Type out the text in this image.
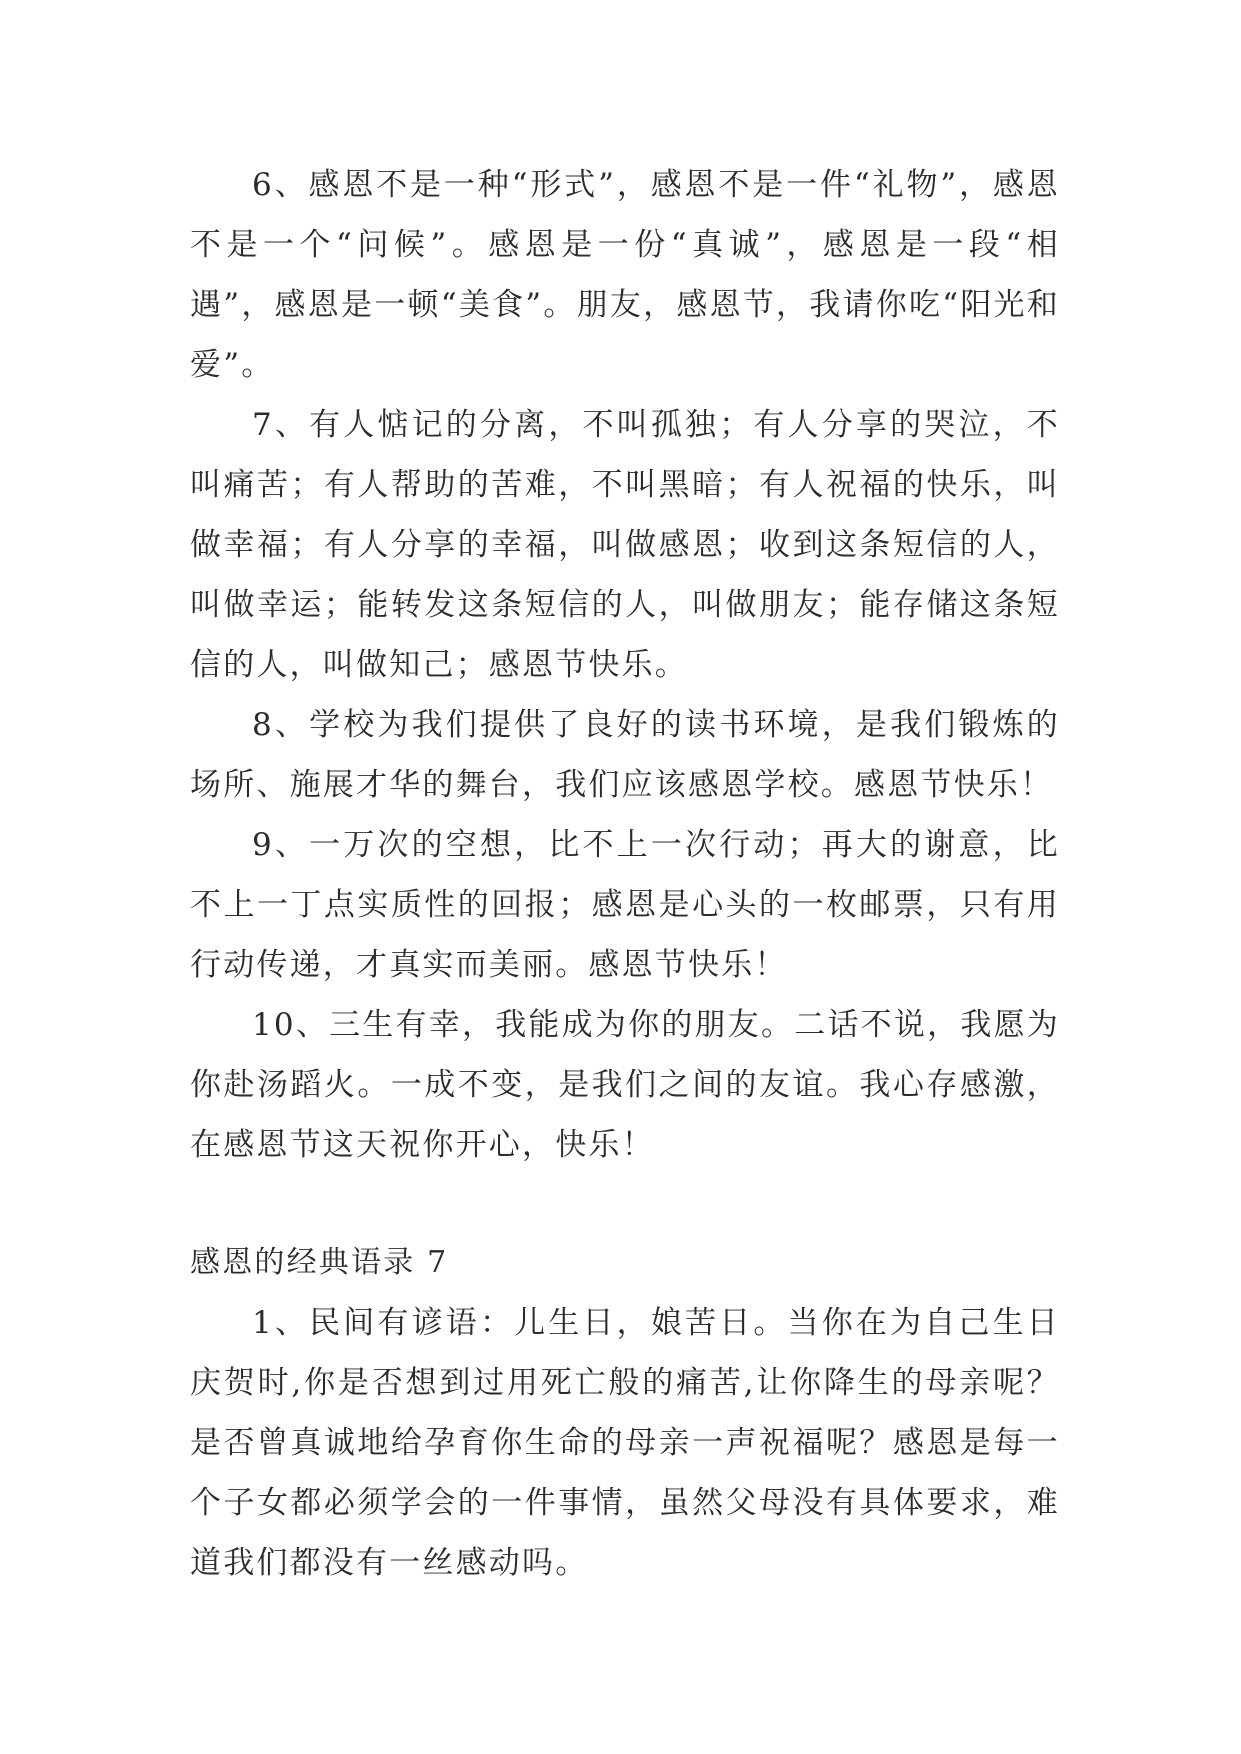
6、感恩不是一种“形式”，感恩不是一件“礼物”，感恩不是一个“问候”。感恩是一份“真诚”，感恩是一段“相遇”，感恩是一顿“美食”。朋友，感恩节，我请你吃“阳光和爱”。

7、有人惦记的分离，不叫孤独；有人分享的哭泣，不叫痛苦；有人帮助的苦难，不叫黑暗；有人祝福的快乐，叫做幸福；有人分享的幸福，叫做感恩；收到这条短信的人，叫做幸运；能转发这条短信的人，叫做朋友；能存储这条短信的人，叫做知己；感恩节快乐。

8、学校为我们提供了良好的读书环境，是我们锻炼的场所、施展才华的舞台，我们应该感恩学校。感恩节快乐！

9、一万次的空想，比不上一次行动；再大的谢意，比不上一丁点实质性的回报；感恩是心头的一枚邮票，只有用行动传递，才真实而美丽。感恩节快乐！

10、三生有幸，我能成为你的朋友。二话不说，我愿为你赴汤蹈火。一成不变，是我们之间的友谊。我心存感激，在感恩节这天祝你开心，快乐！

感恩的经典语录 7

1、民间有谚语：儿生日，娘苦日。当你在为自己生日庆贺时,你是否想到过用死亡般的痛苦,让你降生的母亲呢？是否曾真诚地给孕育你生命的母亲一声祝福呢？感恩是每一个子女都必须学会的一件事情，虽然父母没有具体要求，难道我们都没有一丝感动吗。
